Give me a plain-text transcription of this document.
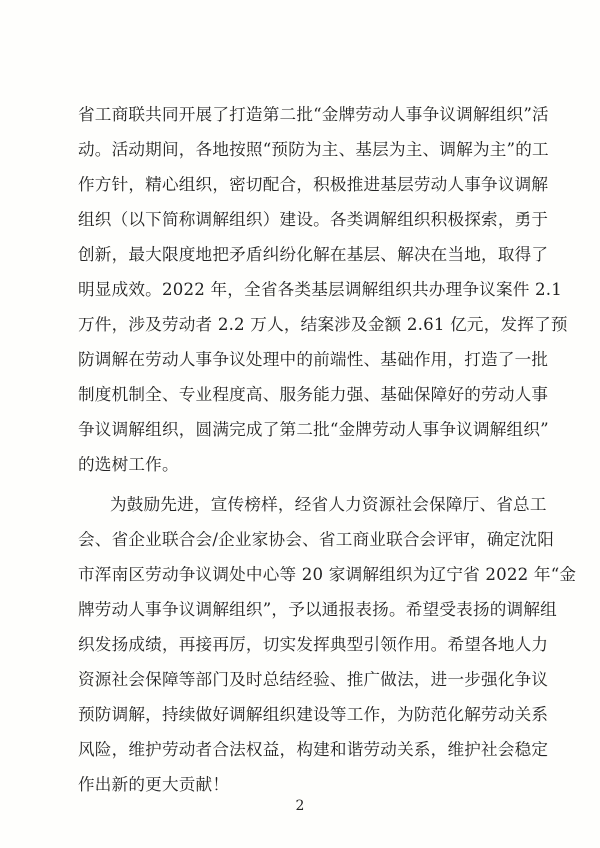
省工商联共同开展了打造第二批“金牌劳动人事争议调解组织”活
动。活动期间，各地按照“预防为主、基层为主、调解为主”的工
作方针，精心组织，密切配合，积极推进基层劳动人事争议调解
组织（以下简称调解组织）建设。各类调解组织积极探索，勇于
创新，最大限度地把矛盾纠纷化解在基层、解决在当地，取得了
明显成效。2022 年，全省各类基层调解组织共办理争议案件 2.1
万件，涉及劳动者 2.2 万人，结案涉及金额 2.61 亿元，发挥了预
防调解在劳动人事争议处理中的前端性、基础作用，打造了一批
制度机制全、专业程度高、服务能力强、基础保障好的劳动人事
争议调解组织，圆满完成了第二批“金牌劳动人事争议调解组织”
的选树工作。
为鼓励先进，宣传榜样，经省人力资源社会保障厅、省总工
会、省企业联合会/企业家协会、省工商业联合会评审，确定沈阳
市浑南区劳动争议调处中心等 20 家调解组织为辽宁省 2022 年“金
牌劳动人事争议调解组织”，予以通报表扬。希望受表扬的调解组
织发扬成绩，再接再厉，切实发挥典型引领作用。希望各地人力
资源社会保障等部门及时总结经验、推广做法，进一步强化争议
预防调解，持续做好调解组织建设等工作，为防范化解劳动关系
风险，维护劳动者合法权益，构建和谐劳动关系，维护社会稳定
作出新的更大贡献！
2
